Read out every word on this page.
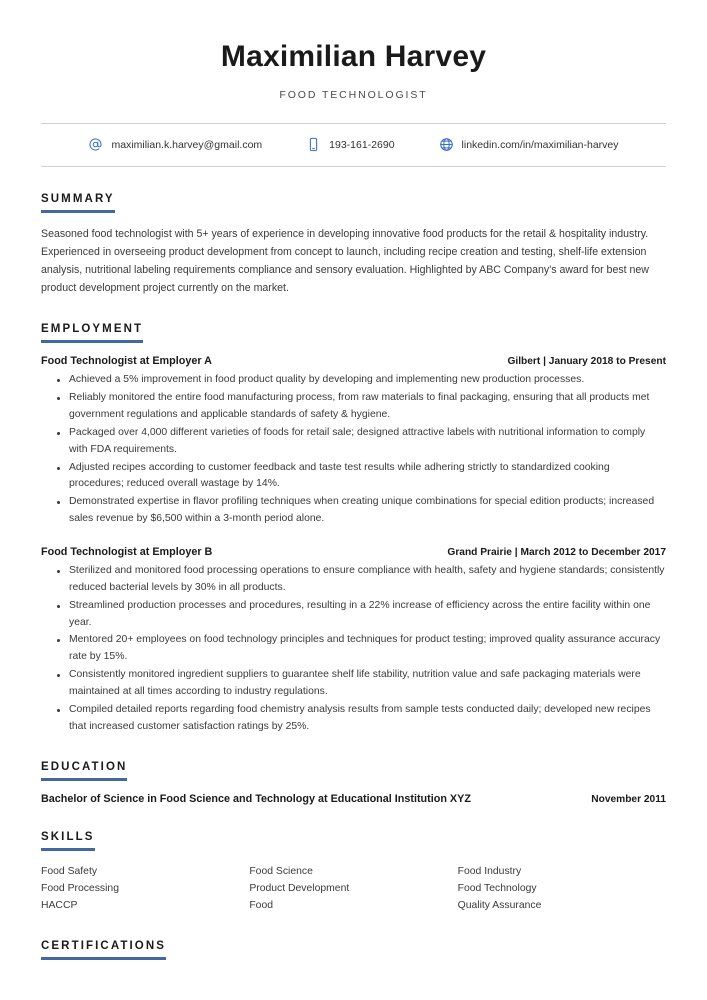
Maximilian Harvey
FOOD TECHNOLOGIST
maximilian.k.harvey@gmail.com	193-161-2690	linkedin.com/in/maximilian-harvey
SUMMARY

Seasoned food technologist with 5+ years of experience in developing innovative food products for the retail & hospitality industry. Experienced in overseeing product development from concept to launch, including recipe creation and testing, shelf-life extension analysis, nutritional labeling requirements compliance and sensory evaluation. Highlighted by ABC Company's award for best new product development project currently on the market.

EMPLOYMENT
Food Technologist at Employer A	Gilbert | January 2018 to Present
Achieved a 5% improvement in food product quality by developing and implementing new production processes.
Reliably monitored the entire food manufacturing process, from raw materials to final packaging, ensuring that all products met government regulations and applicable standards of safety & hygiene.
Packaged over 4,000 different varieties of foods for retail sale; designed attractive labels with nutritional information to comply with FDA requirements.
Adjusted recipes according to customer feedback and taste test results while adhering strictly to standardized cooking procedures; reduced overall wastage by 14%.
Demonstrated expertise in flavor profiling techniques when creating unique combinations for special edition products; increased sales revenue by $6,500 within a 3-month period alone.
Food Technologist at Employer B	Grand Prairie | March 2012 to December 2017
Sterilized and monitored food processing operations to ensure compliance with health, safety and hygiene standards; consistently reduced bacterial levels by 30% in all products.
Streamlined production processes and procedures, resulting in a 22% increase of efficiency across the entire facility within one year.
Mentored 20+ employees on food technology principles and techniques for product testing; improved quality assurance accuracy rate by 15%.
Consistently monitored ingredient suppliers to guarantee shelf life stability, nutrition value and safe packaging materials were maintained at all times according to industry regulations.
Compiled detailed reports regarding food chemistry analysis results from sample tests conducted daily; developed new recipes that increased customer satisfaction ratings by 25%.
EDUCATION
Bachelor of Science in Food Science and Technology at Educational Institution XYZ	November 2011
SKILLS
Food Safety	Food Science	Food Industry
Food Processing	Product Development	Food Technology
HACCP	Food	Quality Assurance
CERTIFICATIONS
